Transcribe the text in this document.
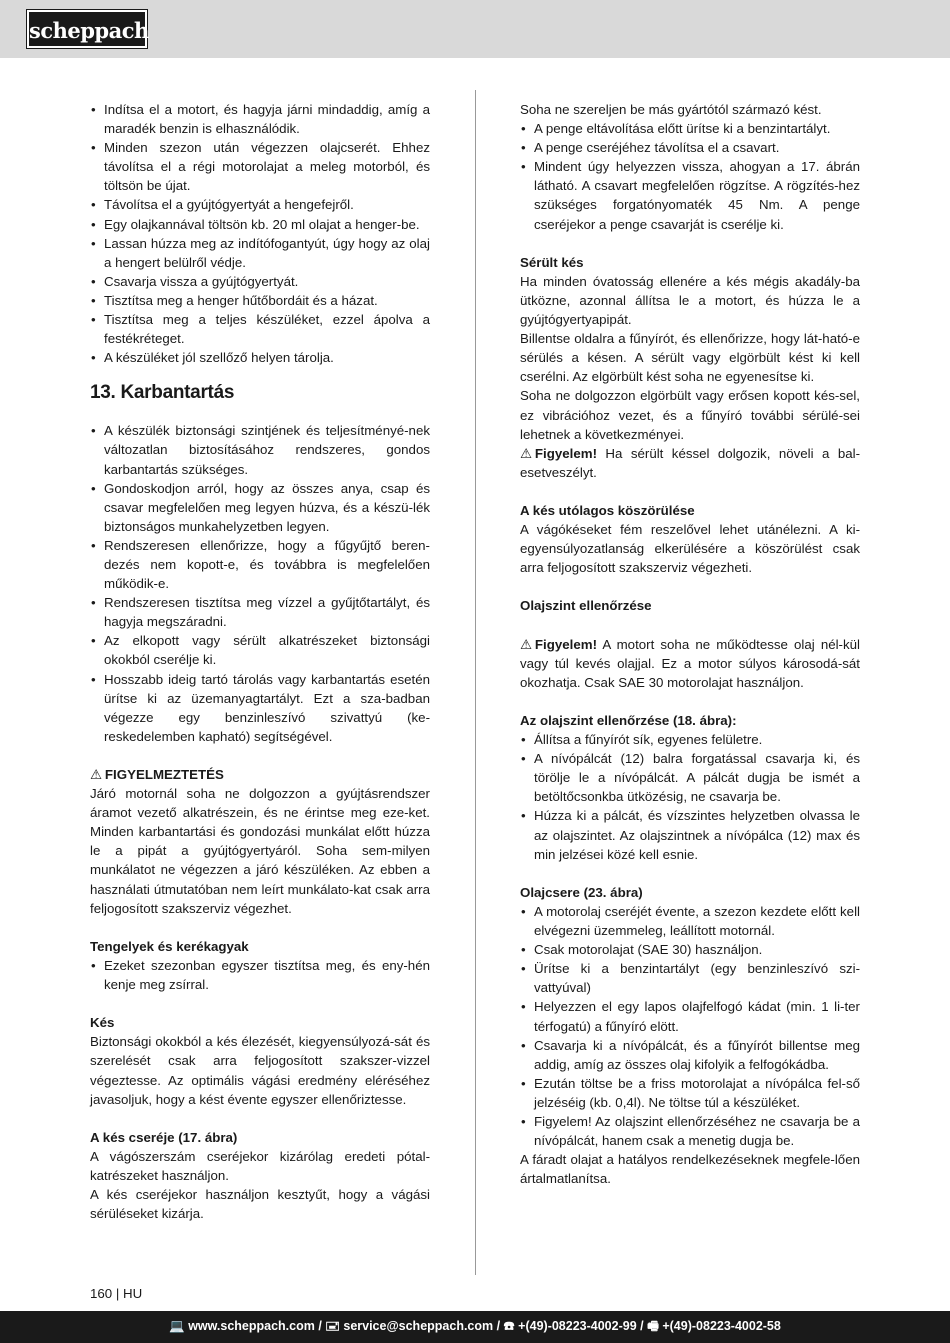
scheppach
• Indítsa el a motort, és hagyja járni mindaddig, amíg a maradék benzin is elhasználódik.
• Minden szezon után végezzen olajcserét. Ehhez távolítsa el a régi motorolajat a meleg motorból, és töltsön be újat.
• Távolítsa el a gyújtógyertyát a hengefejről.
• Egy olajkannával töltsön kb. 20 ml olajat a henger-be.
• Lassan húzza meg az indítófogantyút, úgy hogy az olaj a hengert belülről védje.
• Csavarja vissza a gyújtógyertyát.
• Tisztítsa meg a henger hűtőbordáit és a házat.
• Tisztítsa meg a teljes készüléket, ezzel ápolva a festékréteget.
• A készüléket jól szellőző helyen tárolja.

13. Karbantartás

• A készülék biztonsági szintjének és teljesítményé-nek változatlan biztosításához rendszeres, gondos karbantartás szükséges.
• Gondoskodjon arról, hogy az összes anya, csap és csavar megfelelően meg legyen húzva, és a készü-lék biztonságos munkahelyzetben legyen.
• Rendszeresen ellenőrizze, hogy a fűgyűjtő beren-dezés nem kopott-e, és továbbra is megfelelően működik-e.
• Rendszeresen tisztítsa meg vízzel a gyűjtőtartályt, és hagyja megszáradni.
• Az elkopott vagy sérült alkatrészeket biztonsági okokból cserélje ki.
• Hosszabb ideig tartó tárolás vagy karbantartás esetén ürítse ki az üzemanyagtartályt. Ezt a sza-badban végezze egy benzinleszívó szivattyú (ke-reskedelemben kapható) segítségével.

⚠ FIGYELMEZTETÉS

Járó motornál soha ne dolgozzon a gyújtásrendszer áramot vezető alkatrészein, és ne érintse meg eze-ket. Minden karbantartási és gondozási munkálat előtt húzza le a pipát a gyújtógyertyáról. Soha sem-milyen munkálatot ne végezzen a járó készüléken. Az ebben a használati útmutatóban nem leírt munkálato-kat csak arra feljogosított szakszerviz végezhet.

Tengelyek és kerékagyak

• Ezeket szezonban egyszer tisztítsa meg, és eny-hén kenje meg zsírral.

Kés

Biztonsági okokból a kés élezését, kiegyensúlyozá-sát és szerelését csak arra feljogosított szakszer-vizzel végeztesse. Az optimális vágási eredmény eléréséhez javasoljuk, hogy a kést évente egyszer ellenőriztesse.

A kés cseréje (17. ábra)

A vágószerszám cseréjekor kizárólag eredeti pótal-katrészeket használjon.

A kés cseréjekor használjon kesztyűt, hogy a vágási sérüléseket kizárja.

Soha ne szereljen be más gyártótól származó kést.

• A penge eltávolítása előtt ürítse ki a benzintartályt.
• A penge cseréjéhez távolítsa el a csavart.
• Mindent úgy helyezzen vissza, ahogyan a 17. ábrán látható. A csavart megfelelően rögzítse. A rögzítés-hez szükséges forgatónyomaték 45 Nm. A penge cseréjekor a penge csavarját is cserélje ki.

Sérült kés

Ha minden óvatosság ellenére a kés mégis akadály-ba ütközne, azonnal állítsa le a motort, és húzza le a gyújtógyertyapipát.

Billentse oldalra a fűnyírót, és ellenőrizze, hogy lát-ható-e sérülés a késen. A sérült vagy elgörbült kést ki kell cserélni. Az elgörbült kést soha ne egyenesítse ki.

Soha ne dolgozzon elgörbült vagy erősen kopott kés-sel, ez vibrációhoz vezet, és a fűnyíró további sérülé-sei lehetnek a következményei.

⚠ Figyelem! Ha sérült késsel dolgozik, növeli a bal-esetveszélyt.

A kés utólagos köszörülése

A vágókéseket fém reszelővel lehet utánélezni. A ki-egyensúlyozatlanság elkerülésére a köszörülést csak arra feljogosított szakszerviz végezheti.

Olajszint ellenőrzése

⚠ Figyelem! A motort soha ne működtesse olaj nél-kül vagy túl kevés olajjal. Ez a motor súlyos károsodá-sát okozhatja. Csak SAE 30 motorolajat használjon.

Az olajszint ellenőrzése (18. ábra):

• Állítsa a fűnyírót sík, egyenes felületre.
• A nívópálcát (12) balra forgatással csavarja ki, és törölje le a nívópálcát. A pálcát dugja be ismét a betöltőcsonkba ütközésig, ne csavarja be.
• Húzza ki a pálcát, és vízszintes helyzetben olvassa le az olajszintet. Az olajszintnek a nívópálca (12) max és min jelzései közé kell esnie.

Olajcsere (23. ábra)

• A motorolaj cseréjét évente, a szezon kezdete előtt kell elvégezni üzemmeleg, leállított motornál.
• Csak motorolajat (SAE 30) használjon.
• Ürítse ki a benzintartályt (egy benzinleszívó szi-vattyúval)
• Helyezzen el egy lapos olajfelfogó kádat (min. 1 li-ter térfogatú) a fűnyíró elött.
• Csavarja ki a nívópálcát, és a fűnyírót billentse meg addig, amíg az összes olaj kifolyik a felfogókádba.
• Ezután töltse be a friss motorolajat a nívópálca fel-ső jelzéséig (kb. 0,4l). Ne töltse túl a készüléket.
• Figyelem! Az olajszint ellenőrzéséhez ne csavarja be a nívópálcát, hanem csak a menetig dugja be.

A fáradt olajat a hatályos rendelkezéseknek megfele-lően ártalmatlanítsa.

160 | HU
💻 www.scheppach.com / 🖃 service@scheppach.com / ☎ +(49)-08223-4002-99 / 🖷 +(49)-08223-4002-58
